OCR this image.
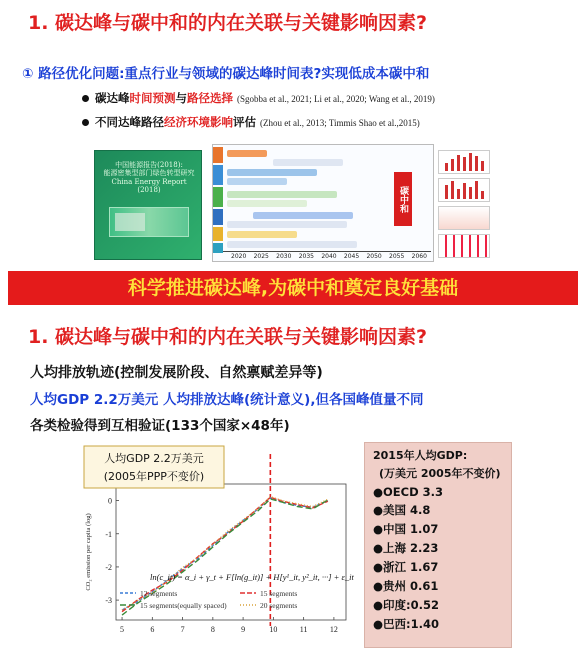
1. 碳达峰与碳中和的内在关联与关键影响因素?
① 路径优化问题:重点行业与领域的碳达峰时间表?实现低成本碳中和
碳达峰时间预测与路径选择 (Sgobba et al., 2021; Li et al., 2020; Wang et al., 2019)
不同达峰路径经济环境影响评估 (Zhou et al., 2013; Timmis Shao et al.,2015)
中国能源报告(2018):
能源密集型部门绿色转型研究
China Energy Report (2018)
2020 2025 2030 2035 2040 2045 2050 2055 2060
碳中和
科学推进碳达峰,为碳中和奠定良好基础
1. 碳达峰与碳中和的内在关联与关键影响因素?
人均排放轨迹(控制发展阶段、自然禀赋差异等)
人均GDP 2.2万美元 人均排放达峰(统计意义),但各国峰值量不同
各类检验得到互相验证(133个国家×48年)
5	6	7	8	9	10	11	12
-3
-2
-1
0
CO₂ emission per capita (log)
人均GDP 2.2万美元
(2005年PPP不变价)
ln(c_it) = α_i + γ_t + F[ln(g_it)] + H[y¹_it, y²_it, ···] + ε_it
12 segments	15 segments
15 segments(equally spaced)	20 segments
2015年人均GDP:
(万美元 2005年不变价)
●OECD 3.3
●美国 4.8
●中国 1.07
●上海 2.23
●浙江 1.67
●贵州 0.61
●印度:0.52
●巴西:1.40
